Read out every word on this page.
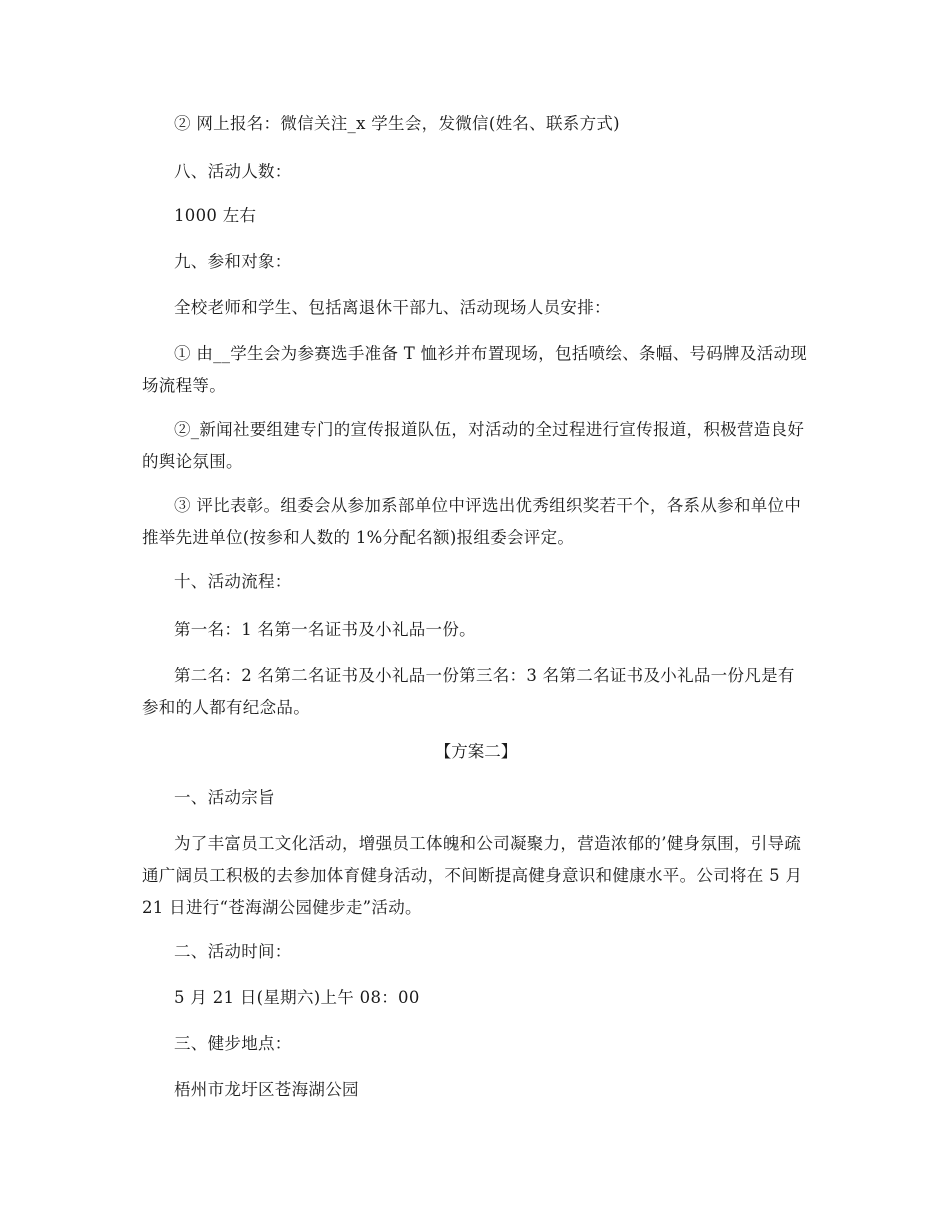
② 网上报名：微信关注_x 学生会，发微信(姓名、联系方式)

八、活动人数：

1000 左右

九、参和对象：

全校老师和学生、包括离退休干部九、活动现场人员安排：

① 由__学生会为参赛选手准备 T 恤衫并布置现场，包括喷绘、条幅、号码牌及活动现场流程等。

②_新闻社要组建专门的宣传报道队伍，对活动的全过程进行宣传报道，积极营造良好的舆论氛围。

③ 评比表彰。组委会从参加系部单位中评选出优秀组织奖若干个，各系从参和单位中推举先进单位(按参和人数的 1%分配名额)报组委会评定。

十、活动流程：

第一名：1 名第一名证书及小礼品一份。

第二名：2 名第二名证书及小礼品一份第三名：3 名第二名证书及小礼品一份凡是有参和的人都有纪念品。

【方案二】

一、活动宗旨

为了丰富员工文化活动，增强员工体魄和公司凝聚力，营造浓郁的’健身氛围，引导疏通广阔员工积极的去参加体育健身活动，不间断提高健身意识和健康水平。公司将在 5 月 21 日进行“苍海湖公园健步走”活动。

二、活动时间：

5 月 21 日(星期六)上午 08：00

三、健步地点：

梧州市龙圩区苍海湖公园
